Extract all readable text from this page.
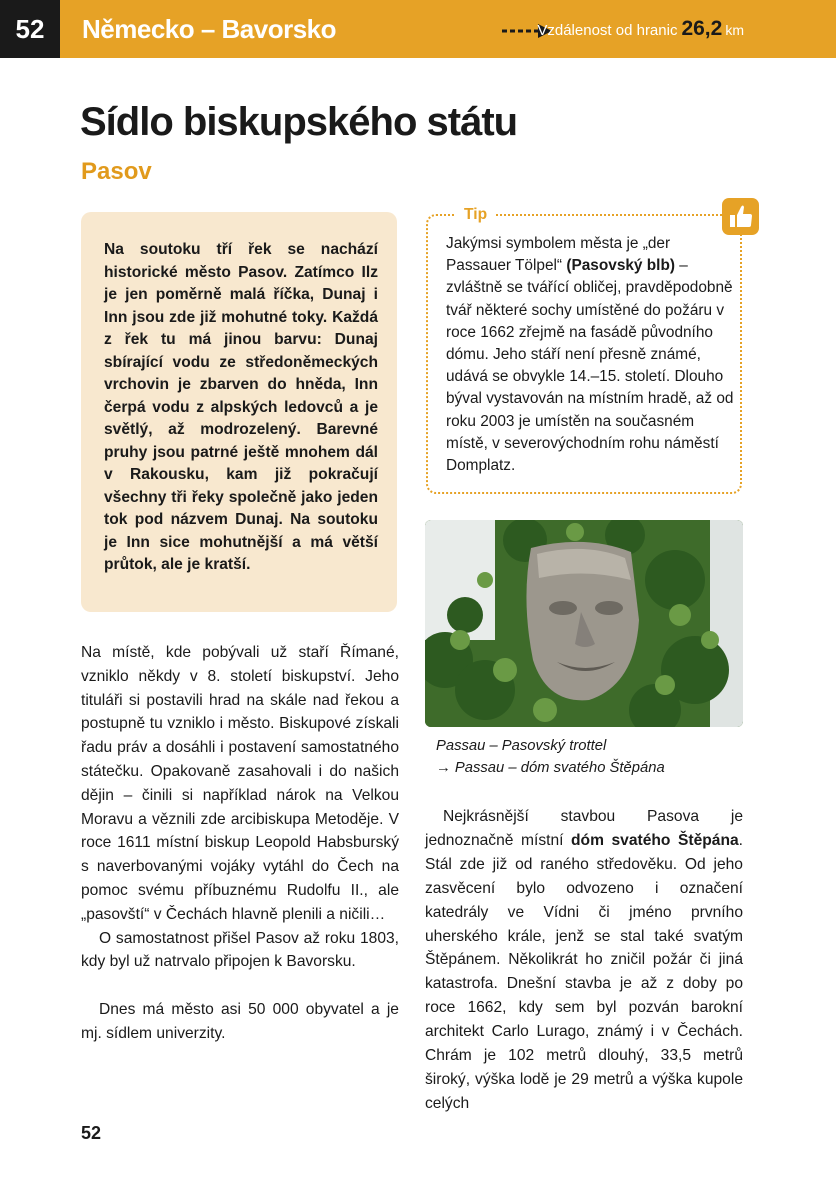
52	Německo – Bavorsko	Vzdálenost od hranic 26,2 km
Sídlo biskupského státu
Pasov
Na soutoku tří řek se nachází historické město Pasov. Zatímco Ilz je jen poměrně malá říčka, Dunaj i Inn jsou zde již mohutné toky. Každá z řek tu má jinou barvu: Dunaj sbírající vodu ze středoněmeckých vrchovin je zbarven do hněda, Inn čerpá vodu z alpských ledovců a je světlý, až modrozelený. Barevné pruhy jsou patrné ještě mnohem dál v Rakousku, kam již pokračují všechny tři řeky společně jako jeden tok pod názvem Dunaj. Na soutoku je Inn sice mohutnější a má větší průtok, ale je kratší.

Na místě, kde pobývali už staří Římané, vzniklo někdy v 8. století biskupství. Jeho tituláři si postavili hrad na skále nad řekou a postupně tu vzniklo i město. Biskupové získali řadu práv a dosáhli i postavení samostatného státečku. Opakovaně zasahovali i do našich dějin – činili si například nárok na Velkou Moravu a věznili zde arcibiskupa Metoděje. V roce 1611 místní biskup Leopold Habsburský s naverbovanými vojáky vytáhl do Čech na pomoc svému příbuznému Rudolfu II., ale „pasovští“ v Čechách hlavně plenili a ničili…

O samostatnost přišel Pasov až roku 1803, kdy byl už natrvalo připojen k Bavorsku.

Dnes má město asi 50 000 obyvatel a je mj. sídlem univerzity.

Tip
Jakýmsi symbolem města je „der Passauer Tölpel“ (Pasovský blb) – zvláštně se tvářící obličej, pravděpodobně tvář některé sochy umístěné do požáru v roce 1662 zřejmě na fasádě původního dómu. Jeho stáří není přesně známé, udává se obvykle 14.–15. století. Dlouho býval vystavován na místním hradě, až od roku 2003 je umístěn na současném místě, v severovýchodním rohu náměstí Domplatz.
Passau – Pasovský trottel
→ Passau – dóm svatého Štěpána

Nejkrásnější stavbou Pasova je jednoznačně místní dóm svatého Štěpána. Stál zde již od raného středověku. Od jeho zasvěcení bylo odvozeno i označení katedrály ve Vídni či jméno prvního uherského krále, jenž se stal také svatým Štěpánem. Několikrát ho zničil požár či jiná katastrofa. Dnešní stavba je až z doby po roce 1662, kdy sem byl pozván barokní architekt Carlo Lurago, známý i v Čechách. Chrám je 102 metrů dlouhý, 33,5 metrů široký, výška lodě je 29 metrů a výška kupole celých

52
